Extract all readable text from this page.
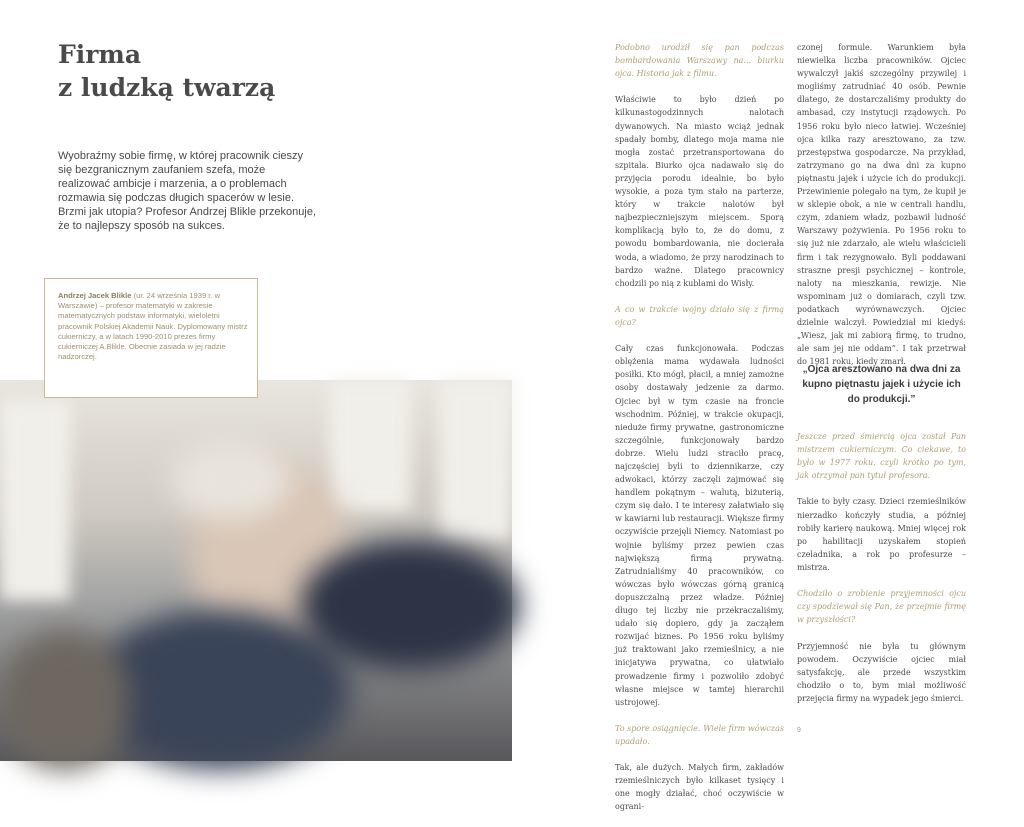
Firma
z ludzką twarzą

Wyobraźmy sobie firmę, w której pracownik cieszy się bezgranicznym zaufaniem szefa, może realizować ambicje i marzenia, a o problemach rozmawia się podczas długich spacerów w lesie. Brzmi jak utopia? Profesor Andrzej Blikle przekonuje, że to najlepszy sposób na sukces.

Andrzej Jacek Blikle (ur. 24 września 1939 r. w Warszawie) – profesor matematyki w zakresie matematycznych podstaw informatyki, wieloletni pracownik Polskiej Akademii Nauk. Dyplomowany mistrz cukierniczy, a w latach 1990-2010 prezes firmy cukierniczej A.Blikle. Obecnie zasiada w jej radzie nadzorczej.

Podobno urodził się pan podczas bombardowania Warszawy na... biurku ojca. Historia jak z filmu.

Właściwie to było dzień po kilkunastogodzinnych nalotach dywanowych. Na miasto wciąż jednak spadały bomby, dlatego moja mama nie mogła zostać przetransportowana do szpitala. Biurko ojca nadawało się do przyjęcia porodu idealnie, bo było wysokie, a poza tym stało na parterze, który w trakcie nalotów był najbezpieczniejszym miejscem. Sporą komplikacją było to, że do domu, z powodu bombardowania, nie docierała woda, a wiadomo, że przy narodzinach to bardzo ważne. Dlatego pracownicy chodzili po nią z kublami do Wisły.

A co w trakcie wojny działo się z firmą ojca?

Cały czas funkcjonowała. Podczas oblężenia mama wydawała ludności posiłki. Kto mógł, płacił, a mniej zamożne osoby dostawały jedzenie za darmo. Ojciec był w tym czasie na froncie wschodnim. Później, w trakcie okupacji, nieduże firmy prywatne, gastronomiczne szczególnie, funkcjonowały bardzo dobrze. Wielu ludzi straciło pracę, najczęściej byli to dziennikarze, czy adwokaci, którzy zaczęli zajmować się handlem pokątnym – walutą, biżuterią, czym się dało. I te interesy załatwiało się w kawiarni lub restauracji. Większe firmy oczywiście przejęli Niemcy. Natomiast po wojnie byliśmy przez pewien czas największą firmą prywatną. Zatrudnialiśmy 40 pracowników, co wówczas było wówczas górną granicą dopuszczalną przez władze. Później długo tej liczby nie przekraczaliśmy, udało się dopiero, gdy ja zacząłem rozwijać biznes. Po 1956 roku byliśmy już traktowani jako rzemieślnicy, a nie inicjatywa prywatna, co ułatwiało prowadzenie firmy i pozwoliło zdobyć własne miejsce w tamtej hierarchii ustrojowej.

To spore osiągnięcie. Wiele firm wówczas upadało.

Tak, ale dużych. Małych firm, zakładów rzemieślniczych było kilkaset tysięcy i one mogły działać, choć oczywiście w ograni-

czonej formule. Warunkiem była niewielka liczba pracowników. Ojciec wywalczył jakiś szczególny przywilej i mogliśmy zatrudniać 40 osób. Pewnie dlatego, że dostarczaliśmy produkty do ambasad, czy instytucji rządowych. Po 1956 roku było nieco łatwiej. Wcześniej ojca kilka razy aresztowano, za tzw. przestępstwa gospodarcze. Na przykład, zatrzymano go na dwa dni za kupno piętnastu jajek i użycie ich do produkcji. Przewinienie polegało na tym, że kupił je w sklepie obok, a nie w centrali handlu, czym, zdaniem władz, pozbawił ludność Warszawy pożywienia. Po 1956 roku to się już nie zdarzało, ale wielu właścicieli firm i tak rezygnowało. Byli poddawani straszne presji psychicznej – kontrole, naloty na mieszkania, rewizje. Nie wspominam już o domiarach, czyli tzw. podatkach wyrównawczych. Ojciec dzielnie walczył. Powiedział mi kiedyś: „Wiesz, jak mi zabiorą firmę, to trudno, ale sam jej nie oddam”. I tak przetrwał do 1981 roku, kiedy zmarł.

„Ojca aresztowano na dwa dni za kupno piętnastu jajek i użycie ich do produkcji.”

Jeszcze przed śmiercią ojca został Pan mistrzem cukierniczym. Co ciekawe, to było w 1977 roku, czyli krótko po tym, jak otrzymał pan tytuł profesora.

Takie to były czasy. Dzieci rzemieślników nierzadko kończyły studia, a później robiły karierę naukową. Mniej więcej rok po habilitacji uzyskałem stopień czeladnika, a rok po profesurze – mistrza.

Chodziło o zrobienie przyjemności ojcu czy spodziewał się Pan, że przejmie firmę w przyszłości?

Przyjemność nie była tu głównym powodem. Oczywiście ojciec miał satysfakcję, ale przede wszystkim chodziło o to, bym miał możliwość przejęcia firmy na wypadek jego śmierci.

9
